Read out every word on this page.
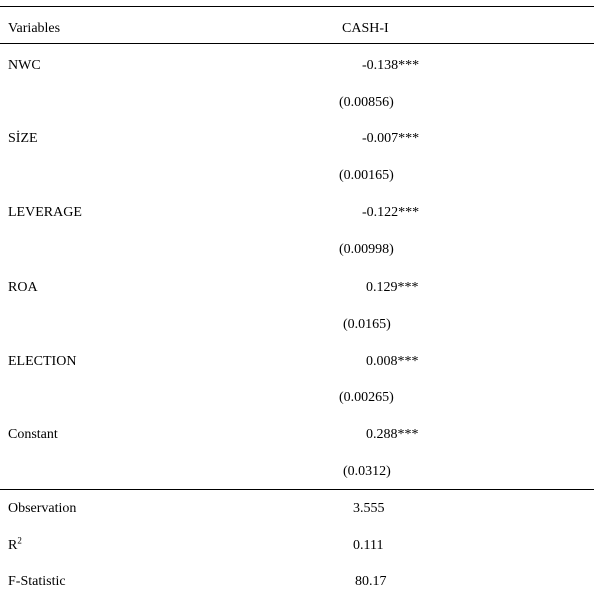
Variables	CASH-I
NWC	-0.138***
(0.00856)
SİZE	-0.007***
(0.00165)
LEVERAGE	-0.122***
(0.00998)
ROA	0.129***
(0.0165)
ELECTION	0.008***
(0.00265)
Constant	0.288***
(0.0312)
Observation	3.555
$R^2$	0.111
F-Statistic	80.17
